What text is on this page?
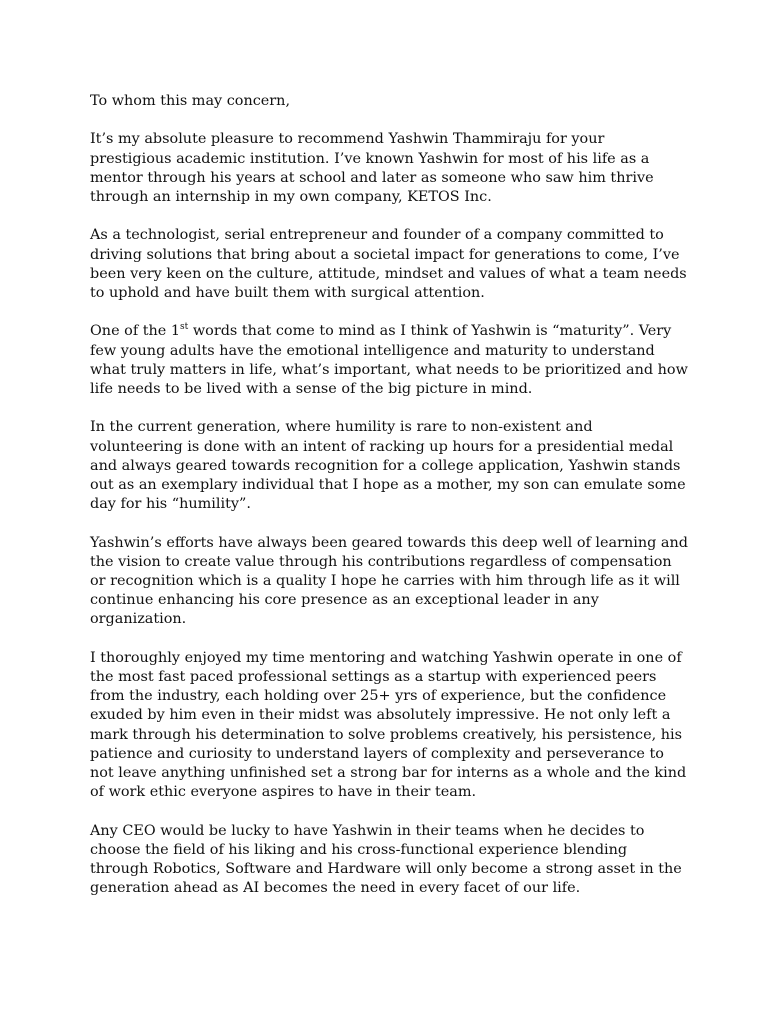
To whom this may concern,

It’s my absolute pleasure to recommend Yashwin Thammiraju for your prestigious academic institution. I’ve known Yashwin for most of his life as a mentor through his years at school and later as someone who saw him thrive through an internship in my own company, KETOS Inc.

As a technologist, serial entrepreneur and founder of a company committed to driving solutions that bring about a societal impact for generations to come, I’ve been very keen on the culture, attitude, mindset and values of what a team needs to uphold and have built them with surgical attention.

One of the 1st words that come to mind as I think of Yashwin is “maturity”. Very few young adults have the emotional intelligence and maturity to understand what truly matters in life, what’s important, what needs to be prioritized and how life needs to be lived with a sense of the big picture in mind.

In the current generation, where humility is rare to non-existent and volunteering is done with an intent of racking up hours for a presidential medal and always geared towards recognition for a college application, Yashwin stands out as an exemplary individual that I hope as a mother, my son can emulate some day for his “humility”.

Yashwin’s efforts have always been geared towards this deep well of learning and the vision to create value through his contributions regardless of compensation or recognition which is a quality I hope he carries with him through life as it will continue enhancing his core presence as an exceptional leader in any organization.

I thoroughly enjoyed my time mentoring and watching Yashwin operate in one of the most fast paced professional settings as a startup with experienced peers from the industry, each holding over 25+ yrs of experience, but the confidence exuded by him even in their midst was absolutely impressive. He not only left a mark through his determination to solve problems creatively, his persistence, his patience and curiosity to understand layers of complexity and perseverance to not leave anything unfinished set a strong bar for interns as a whole and the kind of work ethic everyone aspires to have in their team.

Any CEO would be lucky to have Yashwin in their teams when he decides to choose the field of his liking and his cross-functional experience blending through Robotics, Software and Hardware will only become a strong asset in the generation ahead as AI becomes the need in every facet of our life.
